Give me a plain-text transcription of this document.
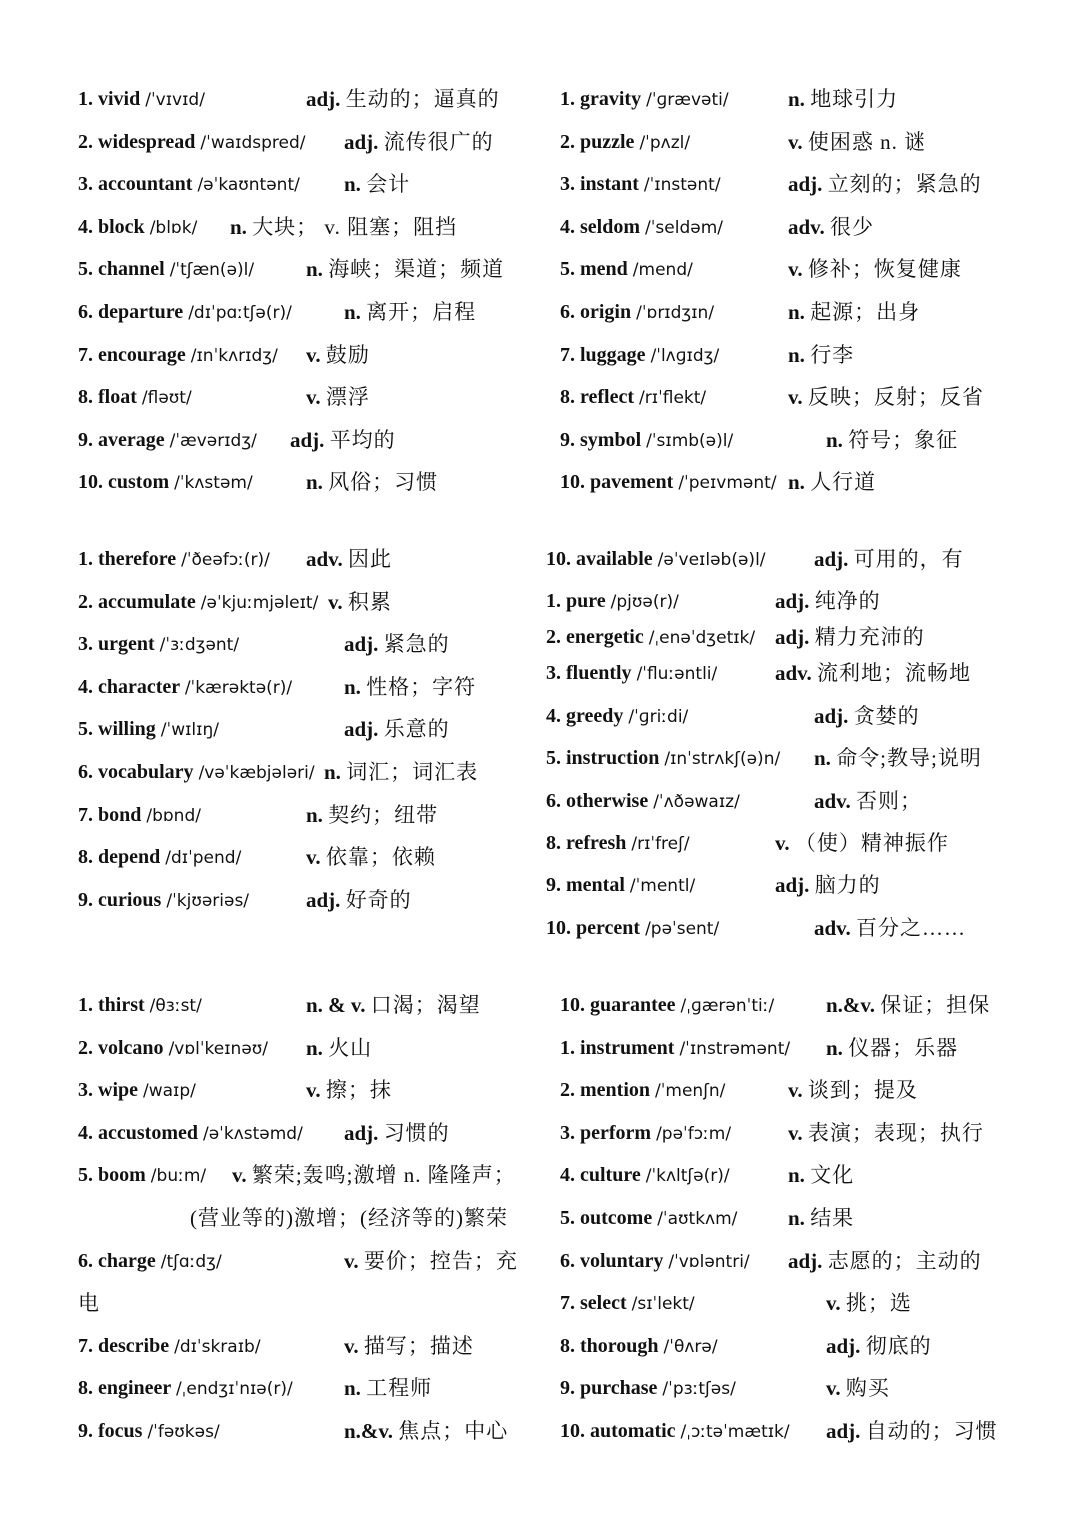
1. vivid /ˈvɪvɪd/	adj. 生动的；逼真的
2. widespread /ˈwaɪdspred/ adj. 流传很广的
3. accountant /əˈkaʊntənt/ n. 会计
4. block /blɒk/ n. 大块； v. 阻塞；阻挡
5. channel /ˈtʃæn(ə)l/ n. 海峡；渠道；频道
6. departure /dɪˈpɑːtʃə(r)/ n. 离开；启程
7. encourage /ɪnˈkʌrɪdʒ/ v. 鼓励
8. float /fləʊt/	v. 漂浮
9. average /ˈævərɪdʒ/ adj. 平均的
10. custom /ˈkʌstəm/	n. 风俗；习惯
1. gravity /ˈɡrævəti/	n. 地球引力
2. puzzle /ˈpʌzl/	v. 使困惑 n. 谜
3. instant /ˈɪnstənt/	adj. 立刻的；紧急的
4. seldom /ˈseldəm/	adv. 很少
5. mend /mend/	v. 修补；恢复健康
6. origin /ˈɒrɪdʒɪn/	n. 起源；出身
7. luggage /ˈlʌɡɪdʒ/	n. 行李
8. reflect /rɪˈflekt/	v. 反映；反射；反省
9. symbol /ˈsɪmb(ə)l/	n. 符号；象征
10. pavement /ˈpeɪvmənt/ n. 人行道
1. therefore /ˈðeəfɔː(r)/ adv. 因此
2. accumulate /əˈkjuːmjəleɪt/ v. 积累
3. urgent /ˈɜːdʒənt/	adj. 紧急的
4. character /ˈkærəktə(r)/ n. 性格；字符
5. willing /ˈwɪlɪŋ/	adj. 乐意的
6. vocabulary /vəˈkæbjələri/ n. 词汇；词汇表
7. bond /bɒnd/	n. 契约；纽带
8. depend /dɪˈpend/	v. 依靠；依赖
9. curious /ˈkjʊəriəs/	adj. 好奇的
10. available /əˈveɪləb(ə)l/ adj. 可用的，有
1. pure /pjʊə(r)/	adj. 纯净的
2. energetic /ˌenəˈdʒetɪk/ adj. 精力充沛的
3. fluently /ˈfluːəntli/	adv. 流利地；流畅地
4. greedy /ˈɡriːdi/	adj. 贪婪的
5. instruction /ɪnˈstrʌkʃ(ə)n/ n. 命令;教导;说明
6. otherwise /ˈʌðəwaɪz/	adv. 否则；
8. refresh /rɪˈfreʃ/	v. （使）精神振作
9. mental /ˈmentl/	adj. 脑力的
10. percent /pəˈsent/	adv. 百分之……
1. thirst /θɜːst/	n. & v. 口渴；渴望
2. volcano /vɒlˈkeɪnəʊ/ n. 火山
3. wipe /waɪp/	v. 擦；抹
4. accustomed /əˈkʌstəmd/ adj. 习惯的
5. boom /buːm/ v. 繁荣;轰鸣;激增 n. 隆隆声；
(营业等的)激增；(经济等的)繁荣
6. charge /tʃɑːdʒ/	v. 要价；控告；充
电
7. describe /dɪˈskraɪb/	v. 描写；描述
8. engineer /ˌendʒɪˈnɪə(r)/ n. 工程师
9. focus /ˈfəʊkəs/	n.&v. 焦点；中心
10. guarantee /ˌɡærənˈtiː/ n.&v. 保证；担保
1. instrument /ˈɪnstrəmənt/ n. 仪器；乐器
2. mention /ˈmenʃn/	v. 谈到；提及
3. perform /pəˈfɔːm/	v. 表演；表现；执行
4. culture /ˈkʌltʃə(r)/	n. 文化
5. outcome /ˈaʊtkʌm/ n. 结果
6. voluntary /ˈvɒləntri/ adj. 志愿的；主动的
7. select /sɪˈlekt/	v. 挑；选
8. thorough /ˈθʌrə/	adj. 彻底的
9. purchase /ˈpɜːtʃəs/	v. 购买
10. automatic /ˌɔːtəˈmætɪk/ adj. 自动的；习惯
